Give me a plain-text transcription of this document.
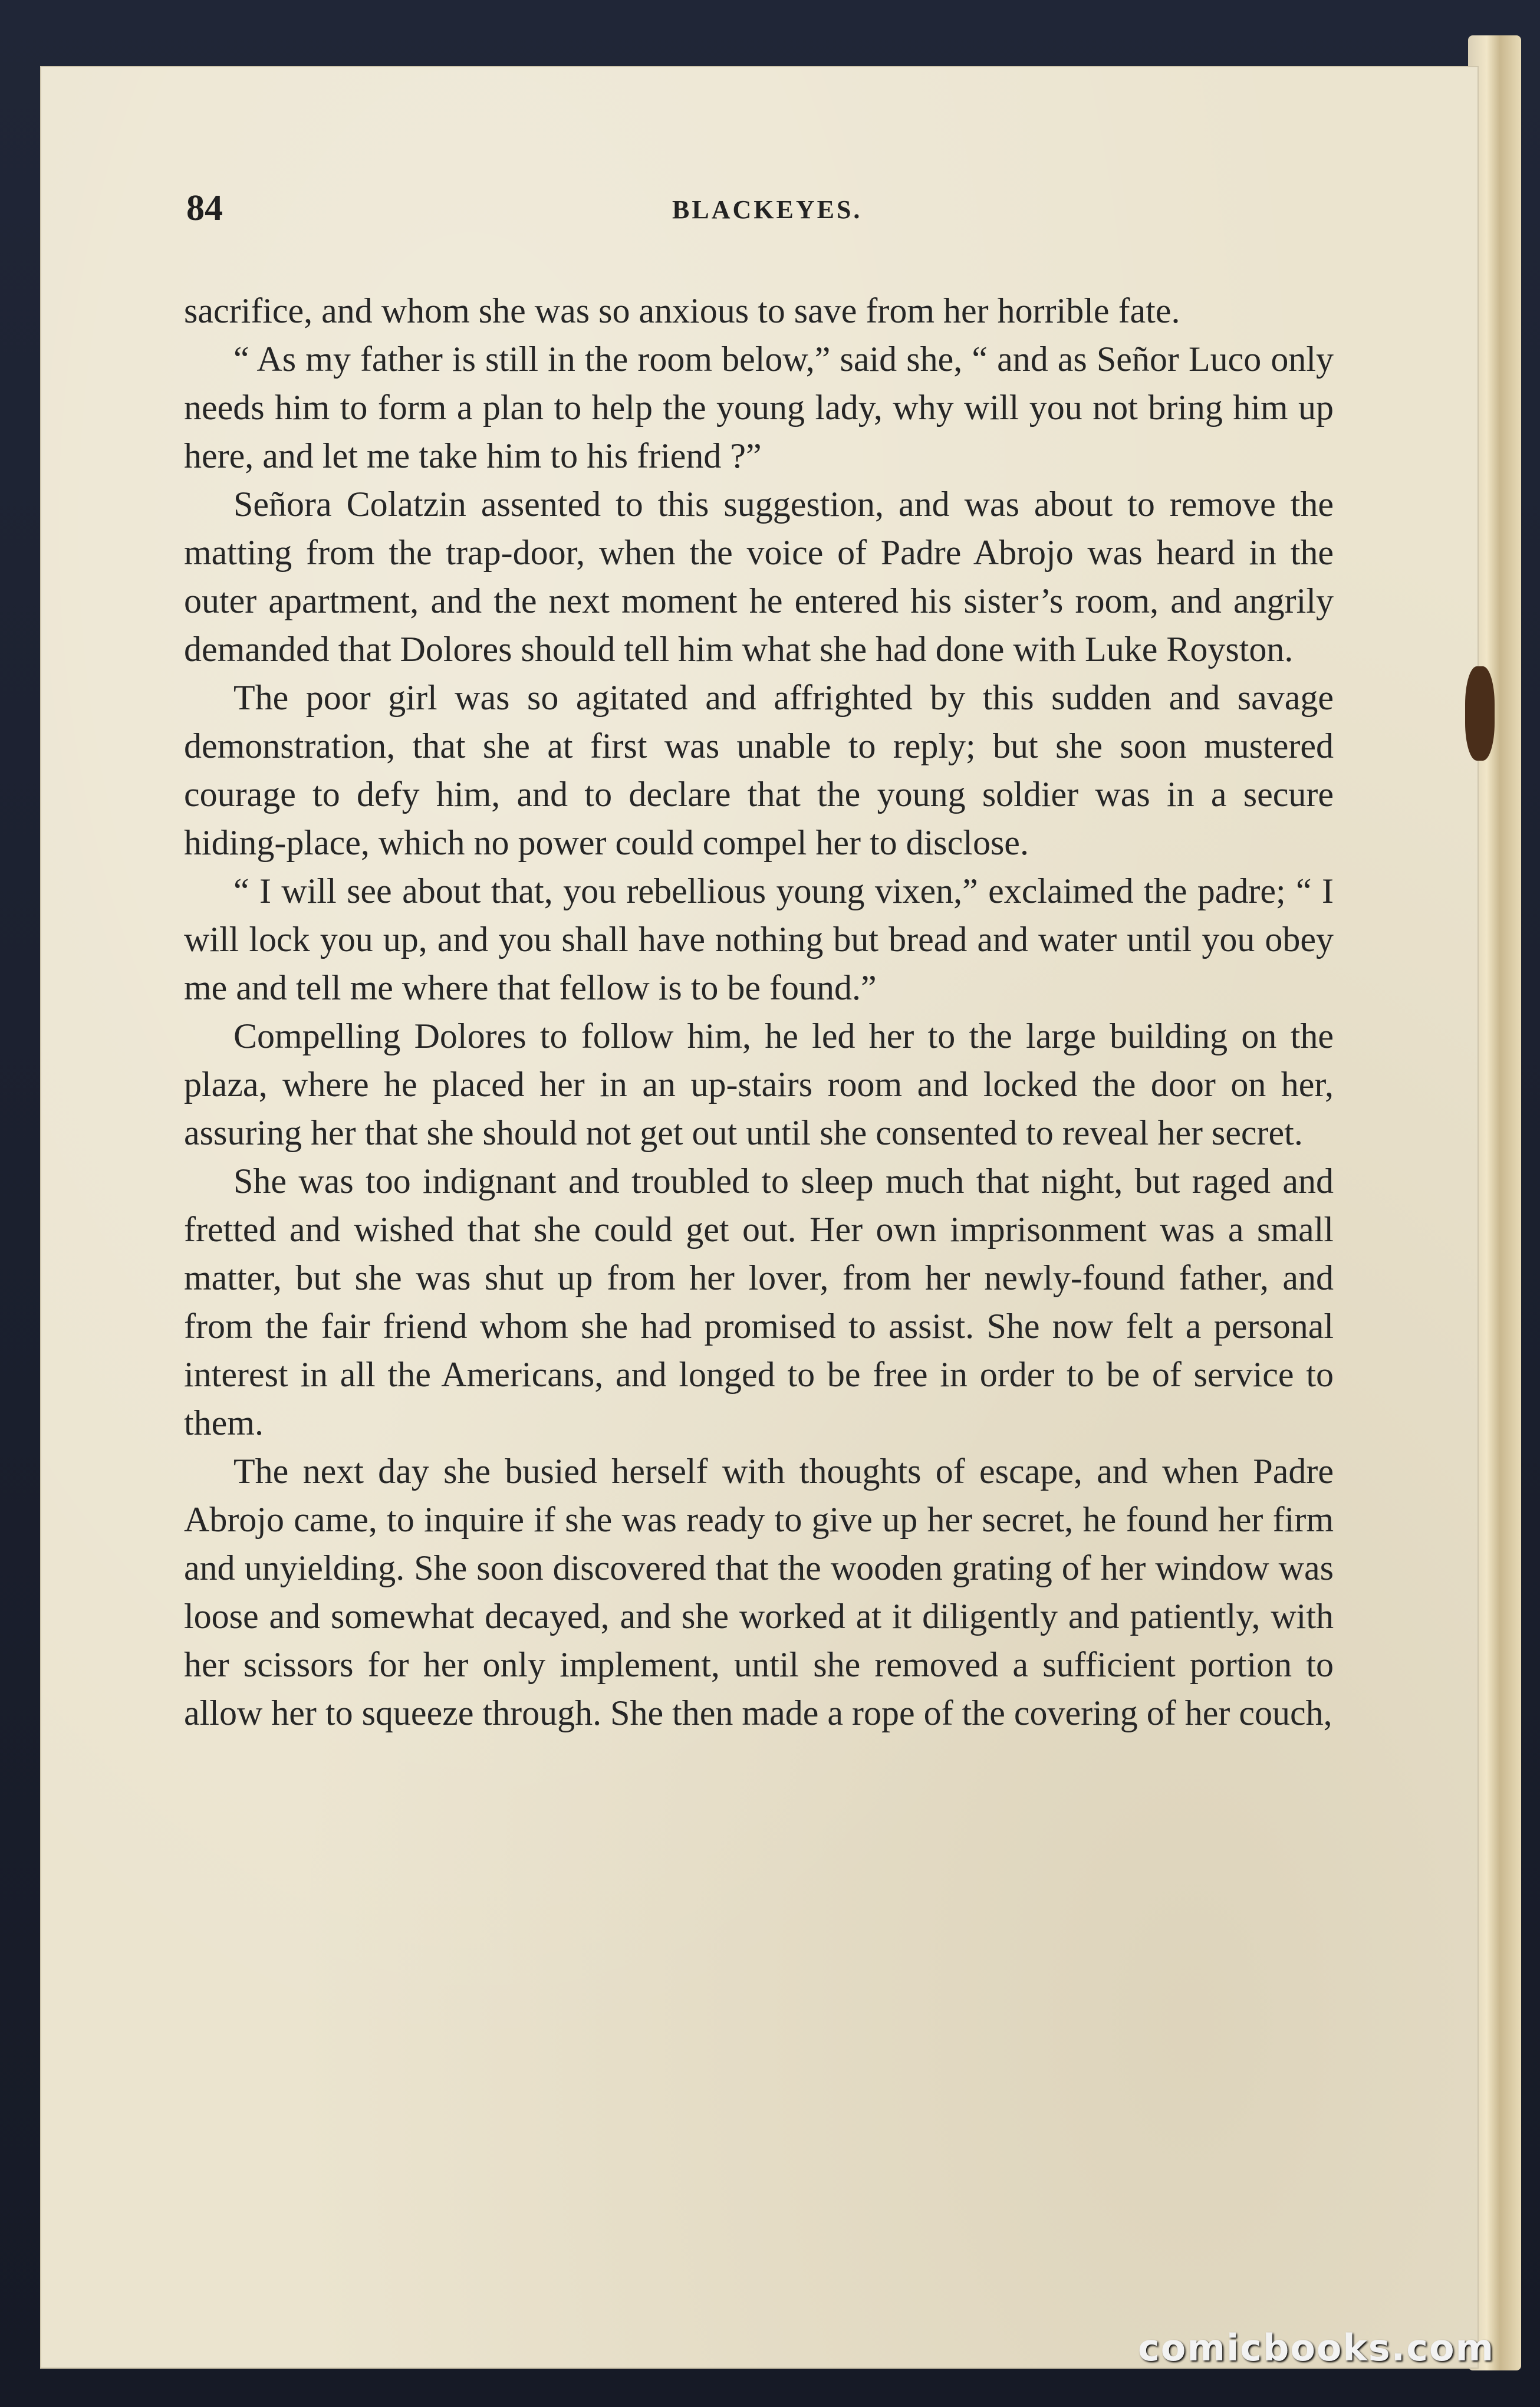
84	BLACKEYES.

sacrifice, and whom she was so anxious to save from her horrible fate.

“ As my father is still in the room below,” said she, “ and as Señor Luco only needs him to form a plan to help the young lady, why will you not bring him up here, and let me take him to his friend ?”

Señora Colatzin assented to this suggestion, and was about to remove the matting from the trap-door, when the voice of Padre Abrojo was heard in the outer apartment, and the next moment he entered his sister’s room, and angrily demanded that Dolores should tell him what she had done with Luke Royston.

The poor girl was so agitated and affrighted by this sudden and savage demonstration, that she at first was unable to reply; but she soon mustered courage to defy him, and to declare that the young soldier was in a secure hiding-place, which no power could compel her to disclose.

“ I will see about that, you rebellious young vixen,” exclaimed the padre; “ I will lock you up, and you shall have nothing but bread and water until you obey me and tell me where that fellow is to be found.”

Compelling Dolores to follow him, he led her to the large building on the plaza, where he placed her in an up-stairs room and locked the door on her, assuring her that she should not get out until she consented to reveal her secret.

She was too indignant and troubled to sleep much that night, but raged and fretted and wished that she could get out. Her own imprisonment was a small matter, but she was shut up from her lover, from her newly-found father, and from the fair friend whom she had promised to assist. She now felt a personal interest in all the Americans, and longed to be free in order to be of service to them.

The next day she busied herself with thoughts of escape, and when Padre Abrojo came, to inquire if she was ready to give up her secret, he found her firm and unyielding. She soon discovered that the wooden grating of her window was loose and somewhat decayed, and she worked at it diligently and patiently, with her scissors for her only implement, until she removed a sufficient portion to allow her to squeeze through. She then made a rope of the covering of her couch,

comicbooks.com
